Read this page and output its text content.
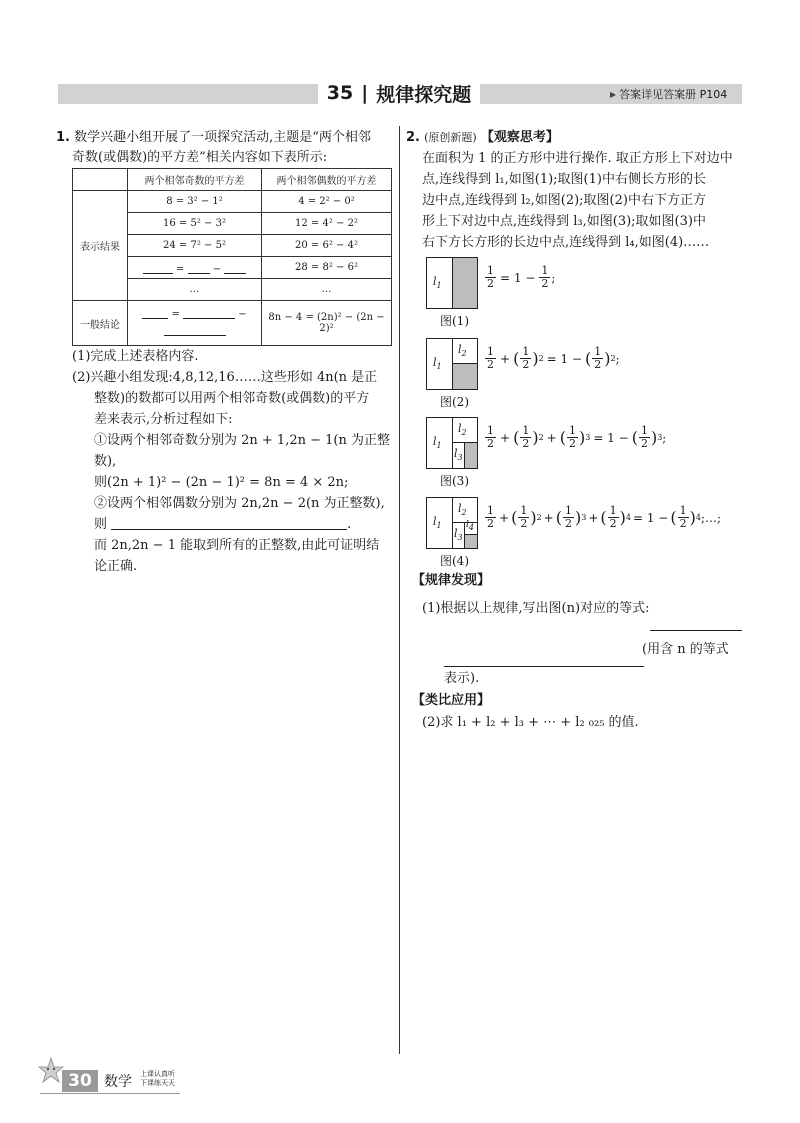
35 | 规律探究题	▶ 答案详见答案册 P104
1. 数学兴趣小组开展了一项探究活动,主题是“两个相邻
奇数(或偶数)的平方差”相关内容如下表所示:
	两个相邻奇数的平方差	两个相邻偶数的平方差
表示结果	8 = 3² − 1²	4 = 2² − 0²
	16 = 5² − 3²	12 = 4² − 2²
	24 = 7² − 5²	20 = 6² − 4²
	= −	28 = 8² − 6²
	…	…
一般结论	= −	8n − 4 = (2n)² − (2n − 2)²
(1)完成上述表格内容.
(2)兴趣小组发现:4,8,12,16……这些形如 4n(n 是正
整数)的数都可以用两个相邻奇数(或偶数)的平方
差来表示,分析过程如下:
①设两个相邻奇数分别为 2n + 1,2n − 1(n 为正整
数),
则(2n + 1)² − (2n − 1)² = 8n = 4 × 2n;
②设两个相邻偶数分别为 2n,2n − 2(n 为正整数),
则	.
而 2n,2n − 1 能取到所有的正整数,由此可证明结
论正确.
2. (原创新题) 【观察思考】
在面积为 1 的正方形中进行操作. 取正方形上下对边中
点,连线得到 l₁,如图(1);取图(1)中右侧长方形的长
边中点,连线得到 l₂,如图(2);取图(2)中右下方正方
形上下对边中点,连线得到 l₃,如图(3);取如图(3)中
右下方长方形的长边中点,连线得到 l₄,如图(4)……
$l_1$	$\frac{1}{2} = 1 - \frac{1}{2}$ ;
图(1)
$l_1$
$l_2 \frac{1}{2}$ + ( $\frac{1}{2}$ ) 2 = 1 − ( $\frac{1}{2}$ ) 2 ;
图(2)
$l_1$
$l_2$
$l_3$
$\frac{1}{2}$ + ( $\frac{1}{2}$ ) 2 + ( $\frac{1}{2}$ ) 3 = 1 − ( $\frac{1}{2}$ ) 3 ;
图(3)
$l_1$
$l_2$
$l_3$
$l4 \frac{1}{2}$ + ( $\frac{1}{2}$ ) 2 + ( $\frac{1}{2}$ ) 3 + ( $\frac{1}{2}$ ) 4 = 1 − ( $\frac{1}{2}$ ) 4 ;…;
图(4)
【规律发现】
(1)根据以上规律,写出图(n)对应的等式:
(用含 n 的等式
表示).
【类比应用】
(2)求 l₁ + l₂ + l₃ + ⋯ + l₂ ₀₂₅ 的值.
30 数学 上课认真听
下课练天天
